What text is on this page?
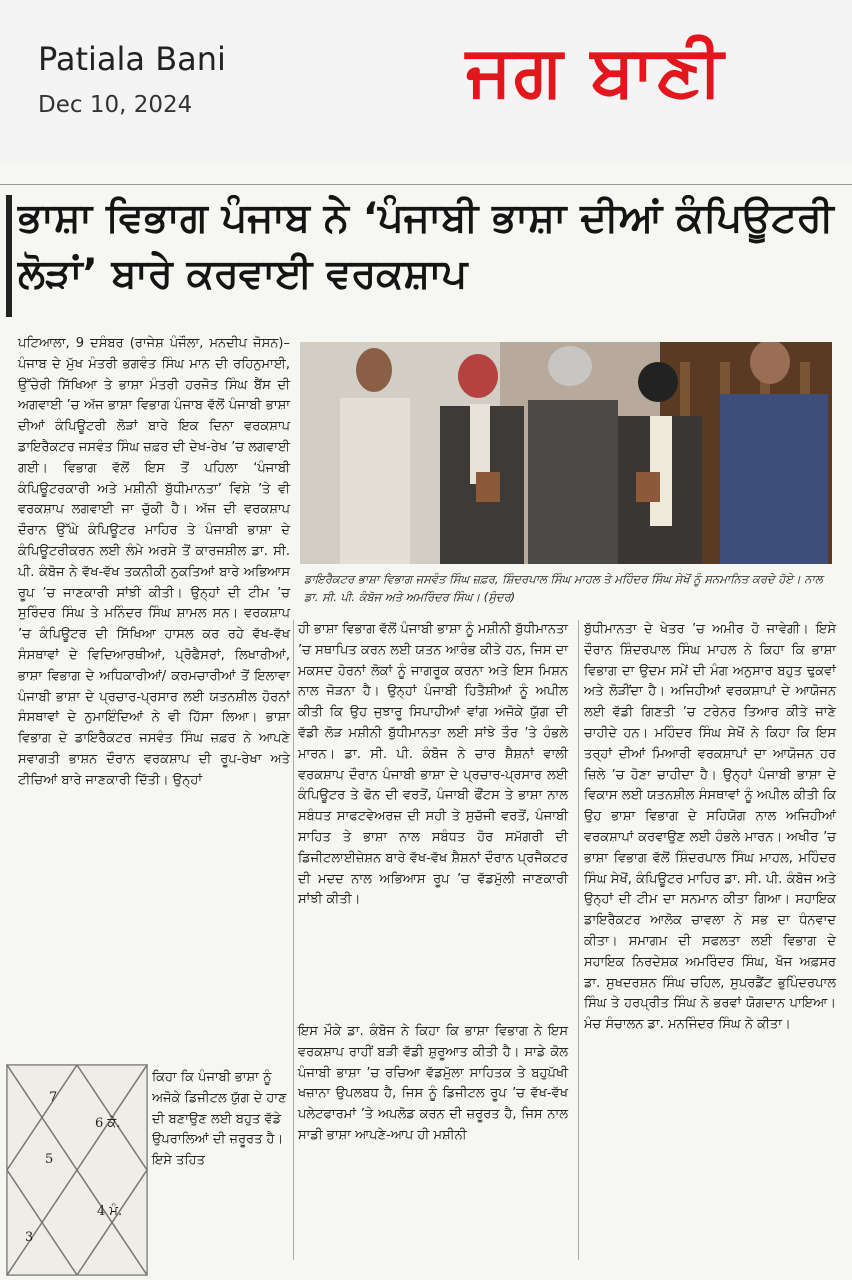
Patiala Bani
Dec 10, 2024	ਜਗ ਬਾਣੀ
ਭਾਸ਼ਾ ਵਿਭਾਗ ਪੰਜਾਬ ਨੇ ‘ਪੰਜਾਬੀ ਭਾਸ਼ਾ ਦੀਆਂ ਕੰਪਿਊਟਰੀ ਲੋੜਾਂ’ ਬਾਰੇ ਕਰਵਾਈ ਵਰਕਸ਼ਾਪ
ਪਟਿਆਲਾ, 9 ਦਸੰਬਰ (ਰਾਜੇਸ਼ ਪੰਜੌਲਾ, ਮਨਦੀਪ ਜੋਸਨ)– ਪੰਜਾਬ ਦੇ ਮੁੱਖ ਮੰਤਰੀ ਭਗਵੰਤ ਸਿੰਘ ਮਾਨ ਦੀ ਰਹਿਨੁਮਾਈ, ਉੱਚੇਰੀ ਸਿੱਖਿਆ ਤੇ ਭਾਸ਼ਾ ਮੰਤਰੀ ਹਰਜੋਤ ਸਿੰਘ ਬੈਂਸ ਦੀ ਅਗਵਾਈ ’ਚ ਅੱਜ ਭਾਸ਼ਾ ਵਿਭਾਗ ਪੰਜਾਬ ਵੱਲੋਂ ਪੰਜਾਬੀ ਭਾਸ਼ਾ ਦੀਆਂ ਕੰਪਿਊਟਰੀ ਲੋੜਾਂ ਬਾਰੇ ਇਕ ਦਿਨਾ ਵਰਕਸ਼ਾਪ ਡਾਇਰੈਕਟਰ ਜਸਵੰਤ ਸਿੰਘ ਜ਼ਫ਼ਰ ਦੀ ਦੇਖ-ਰੇਖ ’ਚ ਲਗਵਾਈ ਗਈ। ਵਿਭਾਗ ਵੱਲੋਂ ਇਸ ਤੋਂ ਪਹਿਲਾ ‘ਪੰਜਾਬੀ ਕੰਪਿਊਟਰਕਾਰੀ ਅਤੇ ਮਸ਼ੀਨੀ ਬੁੱਧੀਮਾਨਤਾ’ ਵਿਸ਼ੇ ’ਤੇ ਵੀ ਵਰਕਸ਼ਾਪ ਲਗਵਾਈ ਜਾ ਚੁੱਕੀ ਹੈ। ਅੱਜ ਦੀ ਵਰਕਸ਼ਾਪ ਦੌਰਾਨ ਉੱਘੇ ਕੰਪਿਊਟਰ ਮਾਹਿਰ ਤੇ ਪੰਜਾਬੀ ਭਾਸ਼ਾ ਦੇ ਕੰਪਿਊਟਰੀਕਰਨ ਲਈ ਲੰਮੇ ਅਰਸੇ ਤੋਂ ਕਾਰਜਸ਼ੀਲ ਡਾ. ਸੀ. ਪੀ. ਕੰਬੋਜ ਨੇ ਵੱਖ-ਵੱਖ ਤਕਨੀਕੀ ਨੁਕਤਿਆਂ ਬਾਰੇ ਅਭਿਆਸ ਰੂਪ ’ਚ ਜਾਣਕਾਰੀ ਸਾਂਝੀ ਕੀਤੀ। ਉਨ੍ਹਾਂ ਦੀ ਟੀਮ ’ਚ ਸੁਰਿੰਦਰ ਸਿੰਘ ਤੇ ਮਨਿੰਦਰ ਸਿੰਘ ਸ਼ਾਮਲ ਸਨ। ਵਰਕਸ਼ਾਪ ’ਚ ਕੰਪਿਊਟਰ ਦੀ ਸਿੱਖਿਆ ਹਾਸਲ ਕਰ ਰਹੇ ਵੱਖ-ਵੱਖ ਸੰਸਥਾਵਾਂ ਦੇ ਵਿਦਿਆਰਥੀਆਂ, ਪ੍ਰੋਫੈਸਰਾਂ, ਲਿਖਾਰੀਆਂ, ਭਾਸ਼ਾ ਵਿਭਾਗ ਦੇ ਅਧਿਕਾਰੀਆਂ/ ਕਰਮਚਾਰੀਆਂ ਤੋਂ ਇਲਾਵਾ ਪੰਜਾਬੀ ਭਾਸ਼ਾ ਦੇ ਪ੍ਰਚਾਰ-ਪ੍ਰਸਾਰ ਲਈ ਯਤਨਸ਼ੀਲ ਹੋਰਨਾਂ ਸੰਸਥਾਵਾਂ ਦੇ ਨੁਮਾਇੰਦਿਆਂ ਨੇ ਵੀ ਹਿੱਸਾ ਲਿਆ। ਭਾਸ਼ਾ ਵਿਭਾਗ ਦੇ ਡਾਇਰੈਕਟਰ ਜਸਵੰਤ ਸਿੰਘ ਜ਼ਫ਼ਰ ਨੇ ਆਪਣੇ ਸਵਾਗਤੀ ਭਾਸ਼ਨ ਦੌਰਾਨ ਵਰਕਸ਼ਾਪ ਦੀ ਰੂਪ-ਰੇਖਾ ਅਤੇ ਟੀਚਿਆਂ ਬਾਰੇ ਜਾਣਕਾਰੀ ਦਿੱਤੀ। ਉਨ੍ਹਾਂ
ਡਾਇਰੈਕਟਰ ਭਾਸ਼ਾ ਵਿਭਾਗ ਜਸਵੰਤ ਸਿੰਘ ਜ਼ਫ਼ਰ, ਸ਼ਿੰਦਰਪਾਲ ਸਿੰਘ ਮਾਹਲ ਤੇ ਮਹਿੰਦਰ ਸਿੰਘ ਸੇਖੋਂ ਨੂੰ ਸਨਮਾਨਿਤ ਕਰਦੇ ਹੋਏ। ਨਾਲ ਡਾ. ਸੀ. ਪੀ. ਕੰਬੋਜ ਅਤੇ ਅਮਰਿੰਦਰ ਸਿੰਘ। (ਸੁੰਦਰ)
ਹੀ ਭਾਸ਼ਾ ਵਿਭਾਗ ਵੱਲੋਂ ਪੰਜਾਬੀ ਭਾਸ਼ਾ ਨੂੰ ਮਸ਼ੀਨੀ ਬੁੱਧੀਮਾਨਤਾ ’ਚ ਸਥਾਪਿਤ ਕਰਨ ਲਈ ਯਤਨ ਆਰੰਭ ਕੀਤੇ ਹਨ, ਜਿਸ ਦਾ ਮਕਸਦ ਹੋਰਨਾਂ ਲੋਕਾਂ ਨੂੰ ਜਾਗਰੂਕ ਕਰਨਾ ਅਤੇ ਇਸ ਮਿਸ਼ਨ ਨਾਲ ਜੋੜਨਾ ਹੈ। ਉਨ੍ਹਾਂ ਪੰਜਾਬੀ ਹਿਤੈਸ਼ੀਆਂ ਨੂੰ ਅਪੀਲ ਕੀਤੀ ਕਿ ਉਹ ਜੁਝਾਰੂ ਸਿਪਾਹੀਆਂ ਵਾਂਗ ਅਜੋਕੇ ਯੁੱਗ ਦੀ ਵੱਡੀ ਲੋੜ ਮਸ਼ੀਨੀ ਬੁੱਧੀਮਾਨਤਾ ਲਈ ਸਾਂਝੇ ਤੌਰ ’ਤੇ ਹੰਭਲੇ ਮਾਰਨ। ਡਾ. ਸੀ. ਪੀ. ਕੰਬੋਜ ਨੇ ਚਾਰ ਸ਼ੈਸ਼ਨਾਂ ਵਾਲੀ ਵਰਕਸ਼ਾਪ ਦੌਰਾਨ ਪੰਜਾਬੀ ਭਾਸ਼ਾ ਦੇ ਪ੍ਰਚਾਰ-ਪ੍ਰਸਾਰ ਲਈ ਕੰਪਿਊਟਰ ਤੇ ਫੋਨ ਦੀ ਵਰਤੋਂ, ਪੰਜਾਬੀ ਫੌਂਟਸ ਤੇ ਭਾਸ਼ਾ ਨਾਲ ਸਬੰਧਤ ਸਾਫਟਵੇਅਰਜ਼ ਦੀ ਸਹੀ ਤੇ ਸੁਚੱਜੀ ਵਰਤੋਂ, ਪੰਜਾਬੀ ਸਾਹਿਤ ਤੇ ਭਾਸ਼ਾ ਨਾਲ ਸਬੰਧਤ ਹੋਰ ਸਮੱਗਰੀ ਦੀ ਡਿਜੀਟਲਾਈਜ਼ੇਸ਼ਨ ਬਾਰੇ ਵੱਖ-ਵੱਖ ਸ਼ੈਸ਼ਨਾਂ ਦੌਰਾਨ ਪ੍ਰਜੈਕਟਰ ਦੀ ਮਦਦ ਨਾਲ ਅਭਿਆਸ ਰੂਪ ’ਚ ਵੱਡਮੁੱਲੀ ਜਾਣਕਾਰੀ ਸਾਂਝੀ ਕੀਤੀ।
ਇਸ ਮੌਕੇ ਡਾ. ਕੰਬੋਜ ਨੇ ਕਿਹਾ ਕਿ ਭਾਸ਼ਾ ਵਿਭਾਗ ਨੇ ਇਸ ਵਰਕਸ਼ਾਪ ਰਾਹੀਂ ਬੜੀ ਵੱਡੀ ਸ਼ੁਰੂਆਤ ਕੀਤੀ ਹੈ। ਸਾਡੇ ਕੋਲ ਪੰਜਾਬੀ ਭਾਸ਼ਾ ’ਚ ਰਚਿਆ ਵੱਡਮੁੱਲਾ ਸਾਹਿਤਕ ਤੇ ਬਹੁਪੱਖੀ ਖਜ਼ਾਨਾ ਉਪਲਬਧ ਹੈ, ਜਿਸ ਨੂੰ ਡਿਜੀਟਲ ਰੂਪ ’ਚ ਵੱਖ-ਵੱਖ ਪਲੇਟਫਾਰਮਾਂ ’ਤੇ ਅਪਲੋਡ ਕਰਨ ਦੀ ਜ਼ਰੂਰਤ ਹੈ, ਜਿਸ ਨਾਲ ਸਾਡੀ ਭਾਸ਼ਾ ਆਪਣੇ-ਆਪ ਹੀ ਮਸ਼ੀਨੀ
ਬੁੱਧੀਮਾਨਤਾ ਦੇ ਖੇਤਰ ’ਚ ਅਮੀਰ ਹੋ ਜਾਵੇਗੀ। ਇਸੇ ਦੌਰਾਨ ਸ਼ਿੰਦਰਪਾਲ ਸਿੰਘ ਮਾਹਲ ਨੇ ਕਿਹਾ ਕਿ ਭਾਸ਼ਾ ਵਿਭਾਗ ਦਾ ਉਦਮ ਸਮੇਂ ਦੀ ਮੰਗ ਅਨੁਸਾਰ ਬਹੁਤ ਢੁਕਵਾਂ ਅਤੇ ਲੋੜੀਂਦਾ ਹੈ। ਅਜਿਹੀਆਂ ਵਰਕਸ਼ਾਪਾਂ ਦੇ ਆਯੋਜਨ ਲਈ ਵੱਡੀ ਗਿਣਤੀ ’ਚ ਟਰੇਨਰ ਤਿਆਰ ਕੀਤੇ ਜਾਣੇ ਚਾਹੀਦੇ ਹਨ। ਮਹਿੰਦਰ ਸਿੰਘ ਸੇਖੋਂ ਨੇ ਕਿਹਾ ਕਿ ਇਸ ਤਰ੍ਹਾਂ ਦੀਆਂ ਮਿਆਰੀ ਵਰਕਸ਼ਾਪਾਂ ਦਾ ਆਯੋਜਨ ਹਰ ਜ਼ਿਲੇ ’ਚ ਹੋਣਾ ਚਾਹੀਦਾ ਹੈ। ਉਨ੍ਹਾਂ ਪੰਜਾਬੀ ਭਾਸ਼ਾ ਦੇ ਵਿਕਾਸ ਲਈ ਯਤਨਸ਼ੀਲ ਸੰਸਥਾਵਾਂ ਨੂੰ ਅਪੀਲ ਕੀਤੀ ਕਿ ਉਹ ਭਾਸ਼ਾ ਵਿਭਾਗ ਦੇ ਸਹਿਯੋਗ ਨਾਲ ਅਜਿਹੀਆਂ ਵਰਕਸ਼ਾਪਾਂ ਕਰਵਾਉਣ ਲਈ ਹੰਭਲੇ ਮਾਰਨ। ਅਖੀਰ ’ਚ ਭਾਸ਼ਾ ਵਿਭਾਗ ਵੱਲੋਂ ਸ਼ਿੰਦਰਪਾਲ ਸਿੰਘ ਮਾਹਲ, ਮਹਿੰਦਰ ਸਿੰਘ ਸੇਖੋਂ, ਕੰਪਿਊਟਰ ਮਾਹਿਰ ਡਾ. ਸੀ. ਪੀ. ਕੰਬੋਜ ਅਤੇ ਉਨ੍ਹਾਂ ਦੀ ਟੀਮ ਦਾ ਸਨਮਾਨ ਕੀਤਾ ਗਿਆ। ਸਹਾਇਕ ਡਾਇਰੈਕਟਰ ਆਲੋਕ ਚਾਵਲਾ ਨੇ ਸਭ ਦਾ ਧੰਨਵਾਦ ਕੀਤਾ। ਸਮਾਗਮ ਦੀ ਸਫਲਤਾ ਲਈ ਵਿਭਾਗ ਦੇ ਸਹਾਇਕ ਨਿਰਦੇਸ਼ਕ ਅਮਰਿੰਦਰ ਸਿੰਘ, ਖੋਜ ਅਫ਼ਸਰ ਡਾ. ਸੁਖਦਰਸ਼ਨ ਸਿੰਘ ਚਹਿਲ, ਸੁਪਰਡੈਂਟ ਭੁਪਿੰਦਰਪਾਲ ਸਿੰਘ ਤੇ ਹਰਪ੍ਰੀਤ ਸਿੰਘ ਨੇ ਭਰਵਾਂ ਯੋਗਦਾਨ ਪਾਇਆ। ਮੰਚ ਸੰਚਾਲਨ ਡਾ. ਮਨਜਿੰਦਰ ਸਿੰਘ ਨੇ ਕੀਤਾ।
7
6 ਕੇ.
5
4 ਮੰ.
3
ਕਿਹਾ ਕਿ ਪੰਜਾਬੀ ਭਾਸ਼ਾ ਨੂੰ ਅਜੋਕੇ ਡਿਜੀਟਲ ਯੁੱਗ ਦੇ ਹਾਣ ਦੀ ਬਣਾਉਣ ਲਈ ਬਹੁਤ ਵੱਡੇ ਉਪਰਾਲਿਆਂ ਦੀ ਜ਼ਰੂਰਤ ਹੈ। ਇਸੇ ਤਹਿਤ
